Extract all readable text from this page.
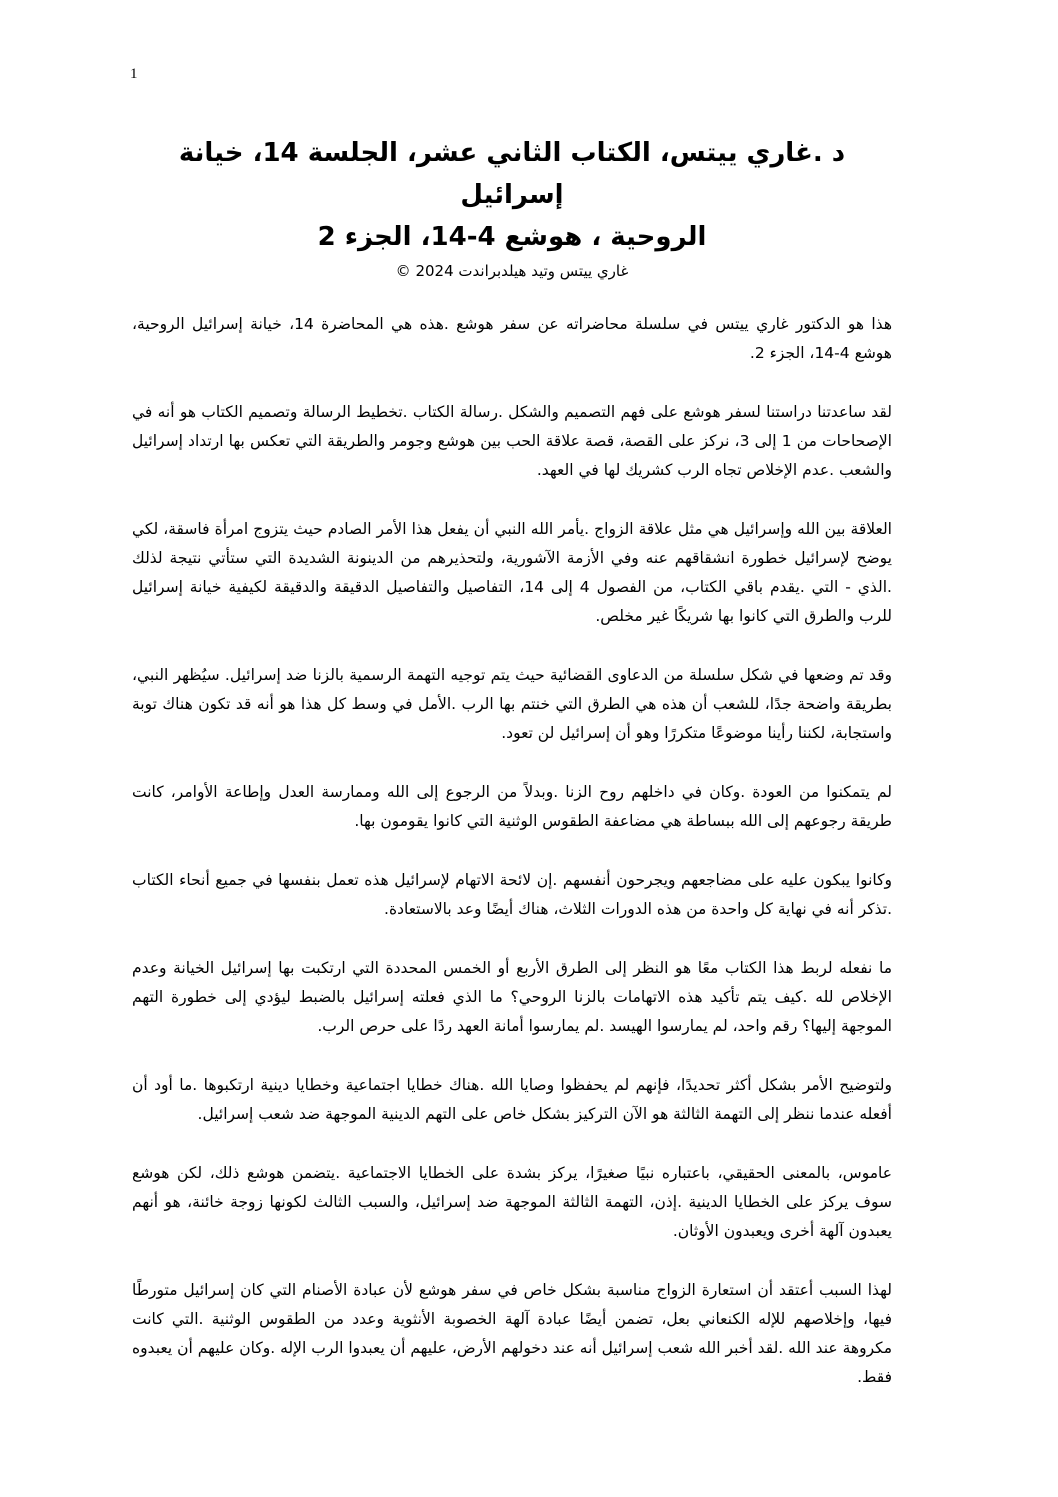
1
د .غاري ييتس، الكتاب الثاني عشر، الجلسة 14، خيانة إسرائيل
الروحية ، هوشع 4-14، الجزء 2
غاري ييتس وتيد هيلدبراندت 2024 ©

هذا هو الدكتور غاري ييتس في سلسلة محاضراته عن سفر هوشع .هذه هي المحاضرة 14، خيانة إسرائيل الروحية، هوشع 4-14، الجزء 2.

لقد ساعدتنا دراستنا لسفر هوشع على فهم التصميم والشكل .رسالة الكتاب .تخطيط الرسالة وتصميم الكتاب هو أنه في الإصحاحات من 1 إلى 3، نركز على القصة، قصة علاقة الحب بين هوشع وجومر والطريقة التي تعكس بها ارتداد إسرائيل والشعب .عدم الإخلاص تجاه الرب كشريك لها في العهد.

العلاقة بين الله وإسرائيل هي مثل علاقة الزواج .يأمر الله النبي أن يفعل هذا الأمر الصادم حيث يتزوج امرأة فاسقة، لكي يوضح لإسرائيل خطورة انشقاقهم عنه وفي الأزمة الآشورية، ولتحذيرهم من الدينونة الشديدة التي ستأتي نتيجة لذلك .الذي - التي .يقدم باقي الكتاب، من الفصول 4 إلى 14، التفاصيل والتفاصيل الدقيقة والدقيقة لكيفية خيانة إسرائيل للرب والطرق التي كانوا بها شريكًا غير مخلص.

وقد تم وضعها في شكل سلسلة من الدعاوى القضائية حيث يتم توجيه التهمة الرسمية بالزنا ضد إسرائيل. سيُظهر النبي، بطريقة واضحة جدًا، للشعب أن هذه هي الطرق التي خنتم بها الرب .الأمل في وسط كل هذا هو أنه قد تكون هناك توبة واستجابة، لكننا رأينا موضوعًا متكررًا وهو أن إسرائيل لن تعود.

لم يتمكنوا من العودة .وكان في داخلهم روح الزنا .وبدلاً من الرجوع إلى الله وممارسة العدل وإطاعة الأوامر، كانت طريقة رجوعهم إلى الله ببساطة هي مضاعفة الطقوس الوثنية التي كانوا يقومون بها.

وكانوا يبكون عليه على مضاجعهم ويجرحون أنفسهم .إن لائحة الاتهام لإسرائيل هذه تعمل بنفسها في جميع أنحاء الكتاب .تذكر أنه في نهاية كل واحدة من هذه الدورات الثلاث، هناك أيضًا وعد بالاستعادة.

ما نفعله لربط هذا الكتاب معًا هو النظر إلى الطرق الأربع أو الخمس المحددة التي ارتكبت بها إسرائيل الخيانة وعدم الإخلاص لله .كيف يتم تأكيد هذه الاتهامات بالزنا الروحي؟ ما الذي فعلته إسرائيل بالضبط ليؤدي إلى خطورة التهم الموجهة إليها؟ رقم واحد، لم يمارسوا الهيسد .لم يمارسوا أمانة العهد ردًا على حرص الرب.

ولتوضيح الأمر بشكل أكثر تحديدًا، فإنهم لم يحفظوا وصايا الله .هناك خطايا اجتماعية وخطايا دينية ارتكبوها .ما أود أن أفعله عندما ننظر إلى التهمة الثالثة هو الآن التركيز بشكل خاص على التهم الدينية الموجهة ضد شعب إسرائيل.

عاموس، بالمعنى الحقيقي، باعتباره نبيًا صغيرًا، يركز بشدة على الخطايا الاجتماعية .يتضمن هوشع ذلك، لكن هوشع سوف يركز على الخطايا الدينية .إذن، التهمة الثالثة الموجهة ضد إسرائيل، والسبب الثالث لكونها زوجة خائنة، هو أنهم يعبدون آلهة أخرى ويعبدون الأوثان.

لهذا السبب أعتقد أن استعارة الزواج مناسبة بشكل خاص في سفر هوشع لأن عبادة الأصنام التي كان إسرائيل متورطًا فيها، وإخلاصهم للإله الكنعاني بعل، تضمن أيضًا عبادة آلهة الخصوبة الأنثوية وعدد من الطقوس الوثنية .التي كانت مكروهة عند الله .لقد أخبر الله شعب إسرائيل أنه عند دخولهم الأرض، عليهم أن يعبدوا الرب الإله .وكان عليهم أن يعبدوه فقط.
